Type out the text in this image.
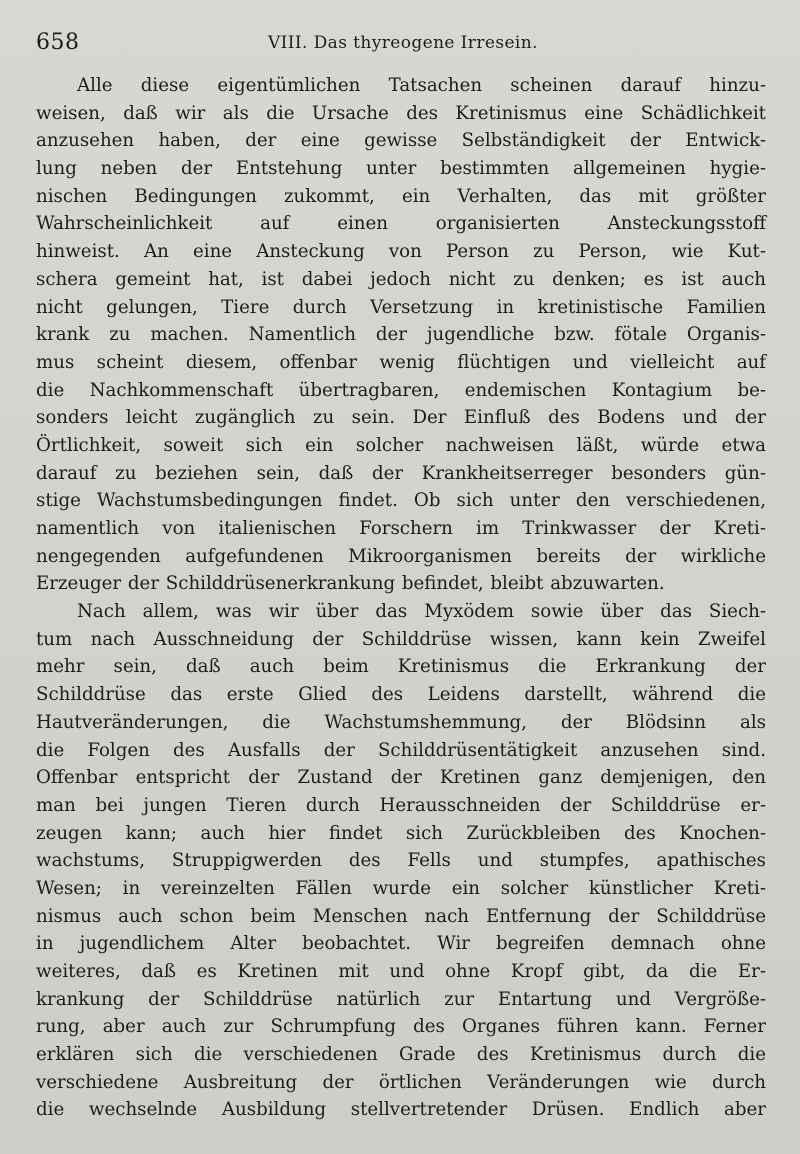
658	VIII. Das thyreogene Irresein.
Alle diese eigentümlichen Tatsachen scheinen darauf hinzu-
weisen, daß wir als die Ursache des Kretinismus eine Schädlichkeit
anzusehen haben, der eine gewisse Selbständigkeit der Entwick-
lung neben der Entstehung unter bestimmten allgemeinen hygie-
nischen Bedingungen zukommt, ein Verhalten, das mit größter
Wahrscheinlichkeit auf einen organisierten Ansteckungsstoff
hinweist. An eine Ansteckung von Person zu Person, wie Kut-
schera gemeint hat, ist dabei jedoch nicht zu denken; es ist auch
nicht gelungen, Tiere durch Versetzung in kretinistische Familien
krank zu machen. Namentlich der jugendliche bzw. fötale Organis-
mus scheint diesem, offenbar wenig flüchtigen und vielleicht auf
die Nachkommenschaft übertragbaren, endemischen Kontagium be-
sonders leicht zugänglich zu sein. Der Einfluß des Bodens und der
Örtlichkeit, soweit sich ein solcher nachweisen läßt, würde etwa
darauf zu beziehen sein, daß der Krankheitserreger besonders gün-
stige Wachstumsbedingungen findet. Ob sich unter den verschiedenen,
namentlich von italienischen Forschern im Trinkwasser der Kreti-
nengegenden aufgefundenen Mikroorganismen bereits der wirkliche
Erzeuger der Schilddrüsenerkrankung befindet, bleibt abzuwarten.
Nach allem, was wir über das Myxödem sowie über das Siech-
tum nach Ausschneidung der Schilddrüse wissen, kann kein Zweifel
mehr sein, daß auch beim Kretinismus die Erkrankung der
Schilddrüse das erste Glied des Leidens darstellt, während die
Hautveränderungen, die Wachstumshemmung, der Blödsinn als
die Folgen des Ausfalls der Schilddrüsentätigkeit anzusehen sind.
Offenbar entspricht der Zustand der Kretinen ganz demjenigen, den
man bei jungen Tieren durch Herausschneiden der Schilddrüse er-
zeugen kann; auch hier findet sich Zurückbleiben des Knochen-
wachstums, Struppigwerden des Fells und stumpfes, apathisches
Wesen; in vereinzelten Fällen wurde ein solcher künstlicher Kreti-
nismus auch schon beim Menschen nach Entfernung der Schilddrüse
in jugendlichem Alter beobachtet. Wir begreifen demnach ohne
weiteres, daß es Kretinen mit und ohne Kropf gibt, da die Er-
krankung der Schilddrüse natürlich zur Entartung und Vergröße-
rung, aber auch zur Schrumpfung des Organes führen kann. Ferner
erklären sich die verschiedenen Grade des Kretinismus durch die
verschiedene Ausbreitung der örtlichen Veränderungen wie durch
die wechselnde Ausbildung stellvertretender Drüsen. Endlich aber
